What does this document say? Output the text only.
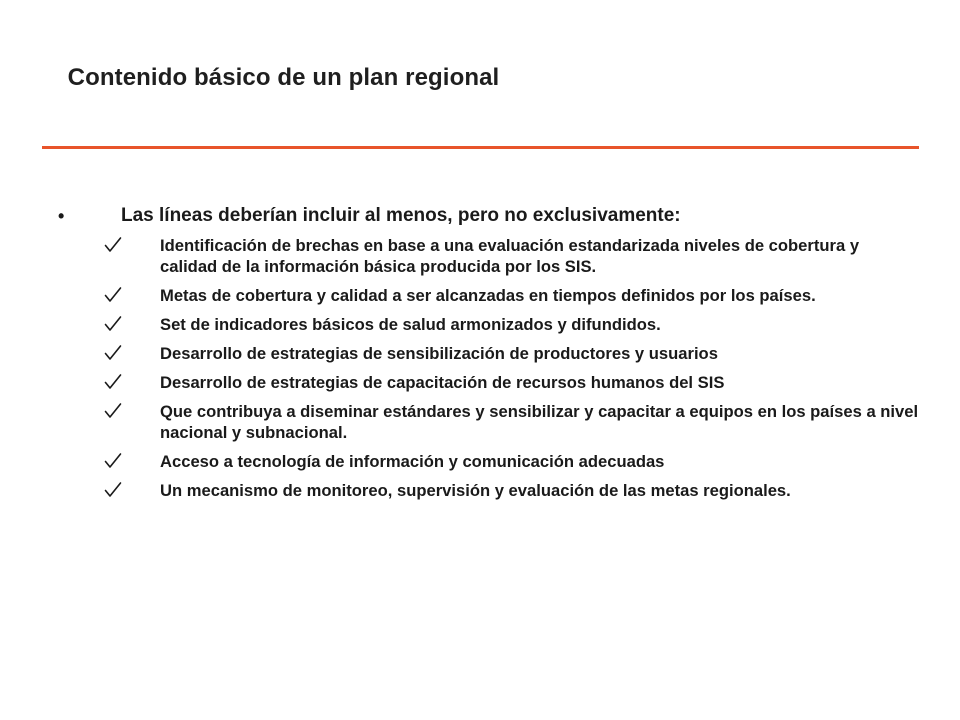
Contenido básico de un plan regional
•	Las líneas deberían incluir al menos, pero no exclusivamente:
Identificación de brechas en base a una evaluación estandarizada niveles de cobertura y calidad de la información básica producida por los SIS.
Metas de cobertura y calidad a ser alcanzadas en tiempos definidos por los países.
Set de indicadores básicos de salud armonizados y difundidos.
Desarrollo de estrategias de sensibilización de productores y usuarios
Desarrollo de estrategias de capacitación de recursos humanos del SIS
Que contribuya a diseminar estándares y sensibilizar y capacitar a equipos en los países a nivel nacional y subnacional.
Acceso a tecnología de información y comunicación adecuadas
Un mecanismo de monitoreo, supervisión y evaluación de las metas regionales.
